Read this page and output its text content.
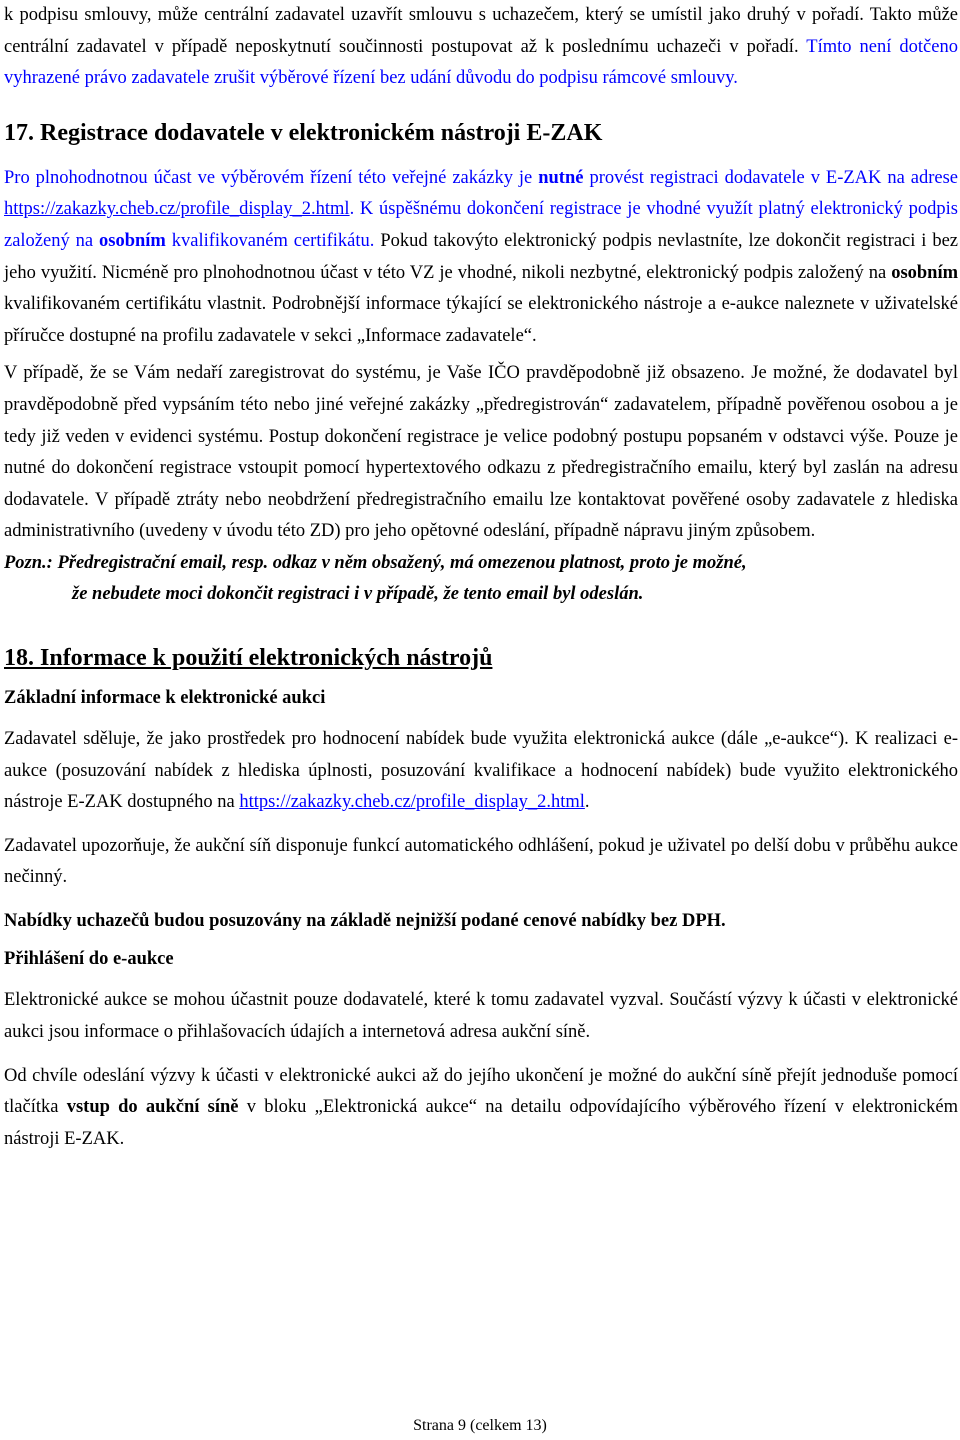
k podpisu smlouvy, může centrální zadavatel uzavřít smlouvu s uchazečem, který se umístil jako druhý v pořadí. Takto může centrální zadavatel v případě neposkytnutí součinnosti postupovat až k poslednímu uchazeči v pořadí. Tímto není dotčeno vyhrazené právo zadavatele zrušit výběrové řízení bez udání důvodu do podpisu rámcové smlouvy.

17. Registrace dodavatele v elektronickém nástroji E-ZAK

Pro plnohodnotnou účast ve výběrovém řízení této veřejné zakázky je nutné provést registraci dodavatele v E-ZAK na adrese https://zakazky.cheb.cz/profile_display_2.html. K úspěšnému dokončení registrace je vhodné využít platný elektronický podpis založený na osobním kvalifikovaném certifikátu. Pokud takovýto elektronický podpis nevlastníte, lze dokončit registraci i bez jeho využití. Nicméně pro plnohodnotnou účast v této VZ je vhodné, nikoli nezbytné, elektronický podpis založený na osobním kvalifikovaném certifikátu vlastnit. Podrobnější informace týkající se elektronického nástroje a e-aukce naleznete v uživatelské příručce dostupné na profilu zadavatele v sekci „Informace zadavatele“.

V případě, že se Vám nedaří zaregistrovat do systému, je Vaše IČO pravděpodobně již obsazeno. Je možné, že dodavatel byl pravděpodobně před vypsáním této nebo jiné veřejné zakázky „předregistrován“ zadavatelem, případně pověřenou osobou a je tedy již veden v evidenci systému. Postup dokončení registrace je velice podobný postupu popsaném v odstavci výše. Pouze je nutné do dokončení registrace vstoupit pomocí hypertextového odkazu z předregistračního emailu, který byl zaslán na adresu dodavatele. V případě ztráty nebo neobdržení předregistračního emailu lze kontaktovat pověřené osoby zadavatele z hlediska administrativního (uvedeny v úvodu této ZD) pro jeho opětovné odeslání, případně nápravu jiným způsobem.

Pozn.: Předregistrační email, resp. odkaz v něm obsažený, má omezenou platnost, proto je možné,

že nebudete moci dokončit registraci i v případě, že tento email byl odeslán.

18. Informace k použití elektronických nástrojů

Základní informace k elektronické aukci

Zadavatel sděluje, že jako prostředek pro hodnocení nabídek bude využita elektronická aukce (dále „e-aukce“). K realizaci e-aukce (posuzování nabídek z hlediska úplnosti, posuzování kvalifikace a hodnocení nabídek) bude využito elektronického nástroje E-ZAK dostupného na https://zakazky.cheb.cz/profile_display_2.html.

Zadavatel upozorňuje, že aukční síň disponuje funkcí automatického odhlášení, pokud je uživatel po delší dobu v průběhu aukce nečinný.

Nabídky uchazečů budou posuzovány na základě nejnižší podané cenové nabídky bez DPH.

Přihlášení do e-aukce

Elektronické aukce se mohou účastnit pouze dodavatelé, které k tomu zadavatel vyzval. Součástí výzvy k účasti v elektronické aukci jsou informace o přihlašovacích údajích a internetová adresa aukční síně.

Od chvíle odeslání výzvy k účasti v elektronické aukci až do jejího ukončení je možné do aukční síně přejít jednoduše pomocí tlačítka vstup do aukční síně v bloku „Elektronická aukce“ na detailu odpovídajícího výběrového řízení v elektronickém nástroji E-ZAK.

Strana 9 (celkem 13)
